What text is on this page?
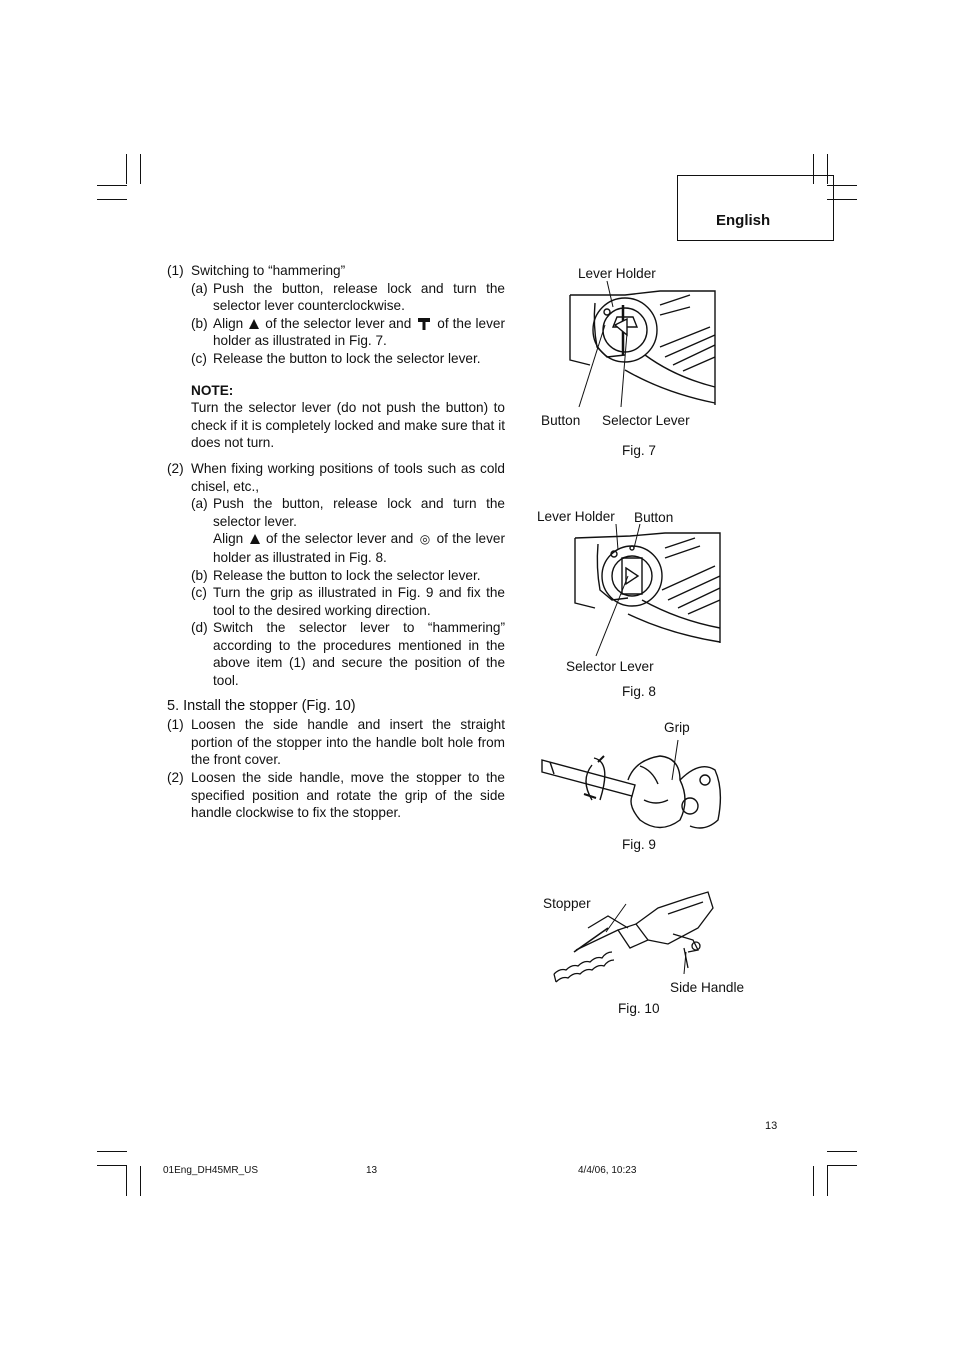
English
(1) Switching to “hammering”
(a) Push the button, release lock and turn the selector lever counterclockwise.
(b) Align of the selector lever and of the lever holder as illustrated in Fig. 7.
(c) Release the button to lock the selector lever.
NOTE:
Turn the selector lever (do not push the button) to check if it is completely locked and make sure that it does not turn.
(2) When fixing working positions of tools such as cold chisel, etc.,
(a) Push the button, release lock and turn the selector lever.
Align of the selector lever and ◎ of the lever holder as illustrated in Fig. 8.
(b) Release the button to lock the selector lever.
(c) Turn the grip as illustrated in Fig. 9 and fix the tool to the desired working direction.
(d) Switch the selector lever to “hammering” according to the procedures mentioned in the above item (1) and secure the position of the tool.
5. Install the stopper (Fig. 10)
(1) Loosen the side handle and insert the straight portion of the stopper into the handle bolt hole from the front cover.
(2) Loosen the side handle, move the stopper to the specified position and rotate the grip of the side handle clockwise to fix the stopper.
Lever Holder
Button Selector Lever
Fig. 7
Lever Holder Button
Selector Lever
Fig. 8
Grip
Fig. 9
Stopper
Side Handle
Fig. 10
13
01Eng_DH45MR_US	13	4/4/06, 10:23
